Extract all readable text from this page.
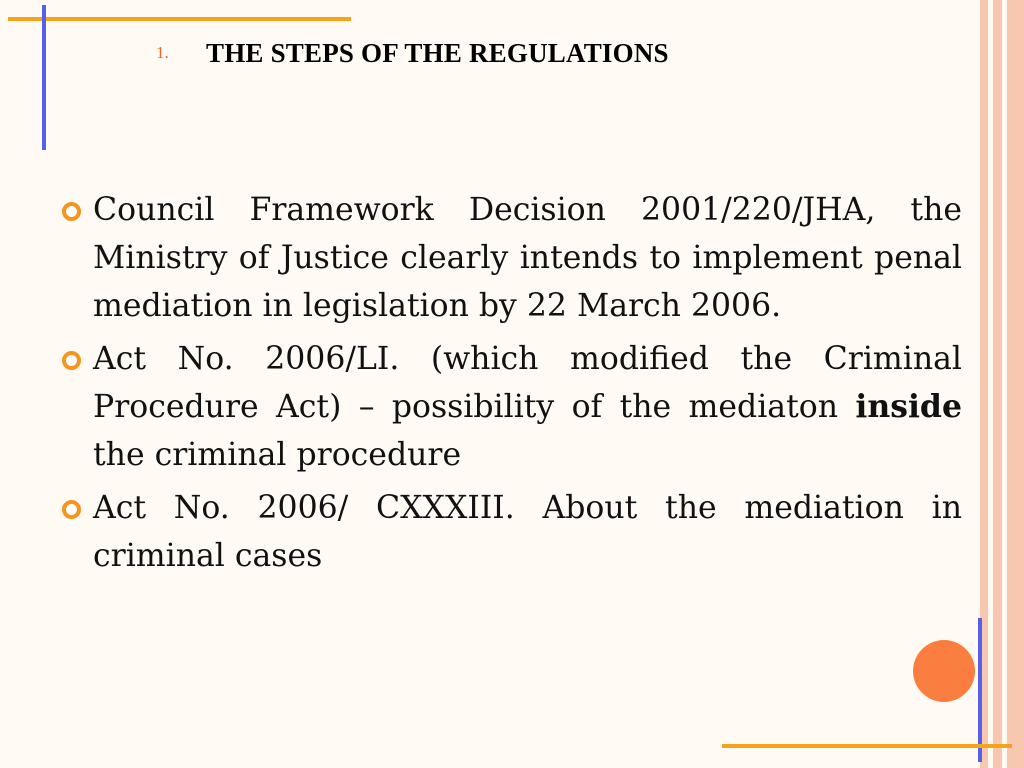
1.	THE STEPS OF THE REGULATIONS
Council Framework Decision 2001/220/JHA, the Ministry of Justice clearly intends to implement penal mediation in legislation by 22 March 2006.
Act No. 2006/LI. (which modified the Criminal Procedure Act) – possibility of the mediaton inside the criminal procedure
Act No. 2006/ CXXXIII. About the mediation in criminal cases
